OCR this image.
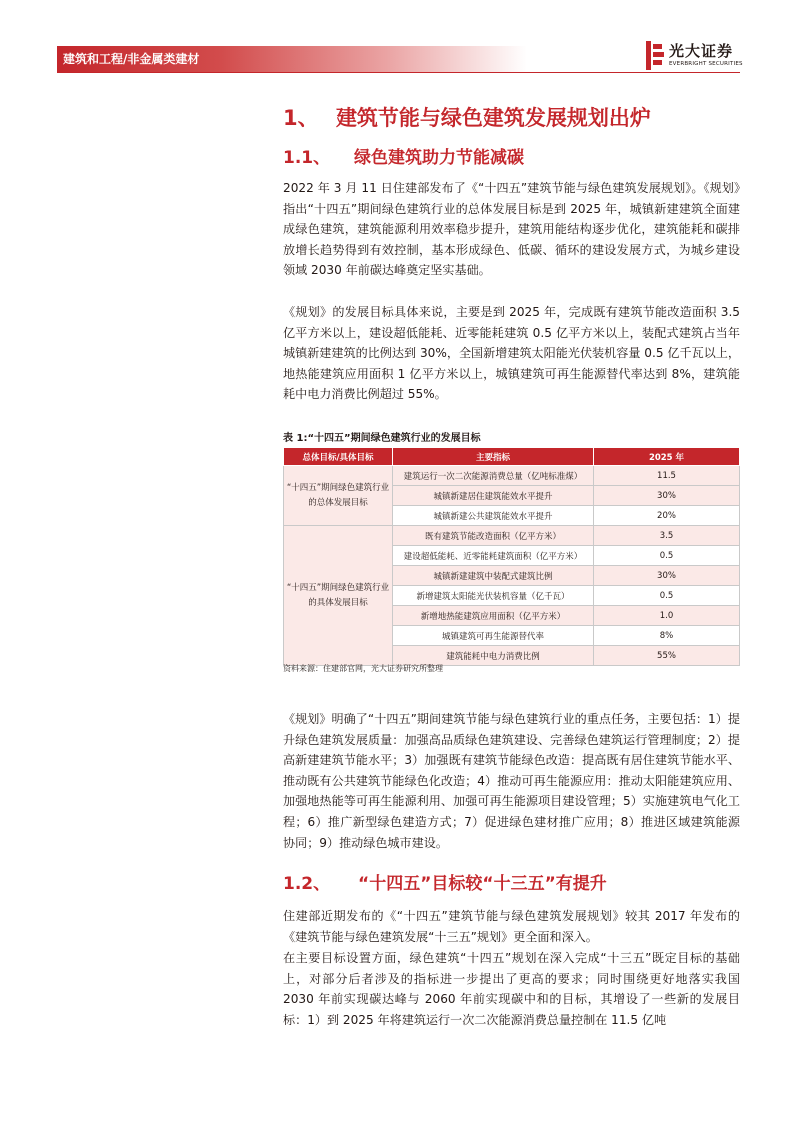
建筑和工程/非金属类建材	光大证券
EVERBRIGHT SECURITIES
1、 建筑节能与绿色建筑发展规划出炉
1.1、 绿色建筑助力节能减碳

2022 年 3 月 11 日住建部发布了《“十四五”建筑节能与绿色建筑发展规划》。《规划》指出“十四五”期间绿色建筑行业的总体发展目标是到 2025 年，城镇新建建筑全面建成绿色建筑，建筑能源利用效率稳步提升，建筑用能结构逐步优化，建筑能耗和碳排放增长趋势得到有效控制，基本形成绿色、低碳、循环的建设发展方式，为城乡建设领域 2030 年前碳达峰奠定坚实基础。

《规划》的发展目标具体来说，主要是到 2025 年，完成既有建筑节能改造面积 3.5 亿平方米以上，建设超低能耗、近零能耗建筑 0.5 亿平方米以上，装配式建筑占当年城镇新建建筑的比例达到 30%，全国新增建筑太阳能光伏装机容量 0.5 亿千瓦以上，地热能建筑应用面积 1 亿平方米以上，城镇建筑可再生能源替代率达到 8%，建筑能耗中电力消费比例超过 55%。

表 1:“十四五”期间绿色建筑行业的发展目标
总体目标/具体目标	主要指标	2025 年
“十四五”期间绿色建筑行业的总体发展目标	建筑运行一次二次能源消费总量（亿吨标准煤）	11.5
	城镇新建居住建筑能效水平提升	30%
	城镇新建公共建筑能效水平提升	20%
“十四五”期间绿色建筑行业的具体发展目标	既有建筑节能改造面积（亿平方米）	3.5
	建设超低能耗、近零能耗建筑面积（亿平方米）	0.5
	城镇新建建筑中装配式建筑比例	30%
	新增建筑太阳能光伏装机容量（亿千瓦）	0.5
	新增地热能建筑应用面积（亿平方米）	1.0
	城镇建筑可再生能源替代率	8%
	建筑能耗中电力消费比例	55%
资料来源：住建部官网，光大证券研究所整理

《规划》明确了“十四五”期间建筑节能与绿色建筑行业的重点任务，主要包括：1）提升绿色建筑发展质量：加强高品质绿色建筑建设、完善绿色建筑运行管理制度；2）提高新建建筑节能水平；3）加强既有建筑节能绿色改造：提高既有居住建筑节能水平、推动既有公共建筑节能绿色化改造；4）推动可再生能源应用：推动太阳能建筑应用、加强地热能等可再生能源利用、加强可再生能源项目建设管理；5）实施建筑电气化工程；6）推广新型绿色建造方式；7）促进绿色建材推广应用；8）推进区域建筑能源协同；9）推动绿色城市建设。

1.2、 “十四五”目标较“十三五”有提升

住建部近期发布的《“十四五”建筑节能与绿色建筑发展规划》较其 2017 年发布的《建筑节能与绿色建筑发展“十三五”规划》更全面和深入。

在主要目标设置方面，绿色建筑“十四五”规划在深入完成“十三五”既定目标的基础上，对部分后者涉及的指标进一步提出了更高的要求；同时围绕更好地落实我国 2030 年前实现碳达峰与 2060 年前实现碳中和的目标，其增设了一些新的发展目标：1）到 2025 年将建筑运行一次二次能源消费总量控制在 11.5 亿吨
